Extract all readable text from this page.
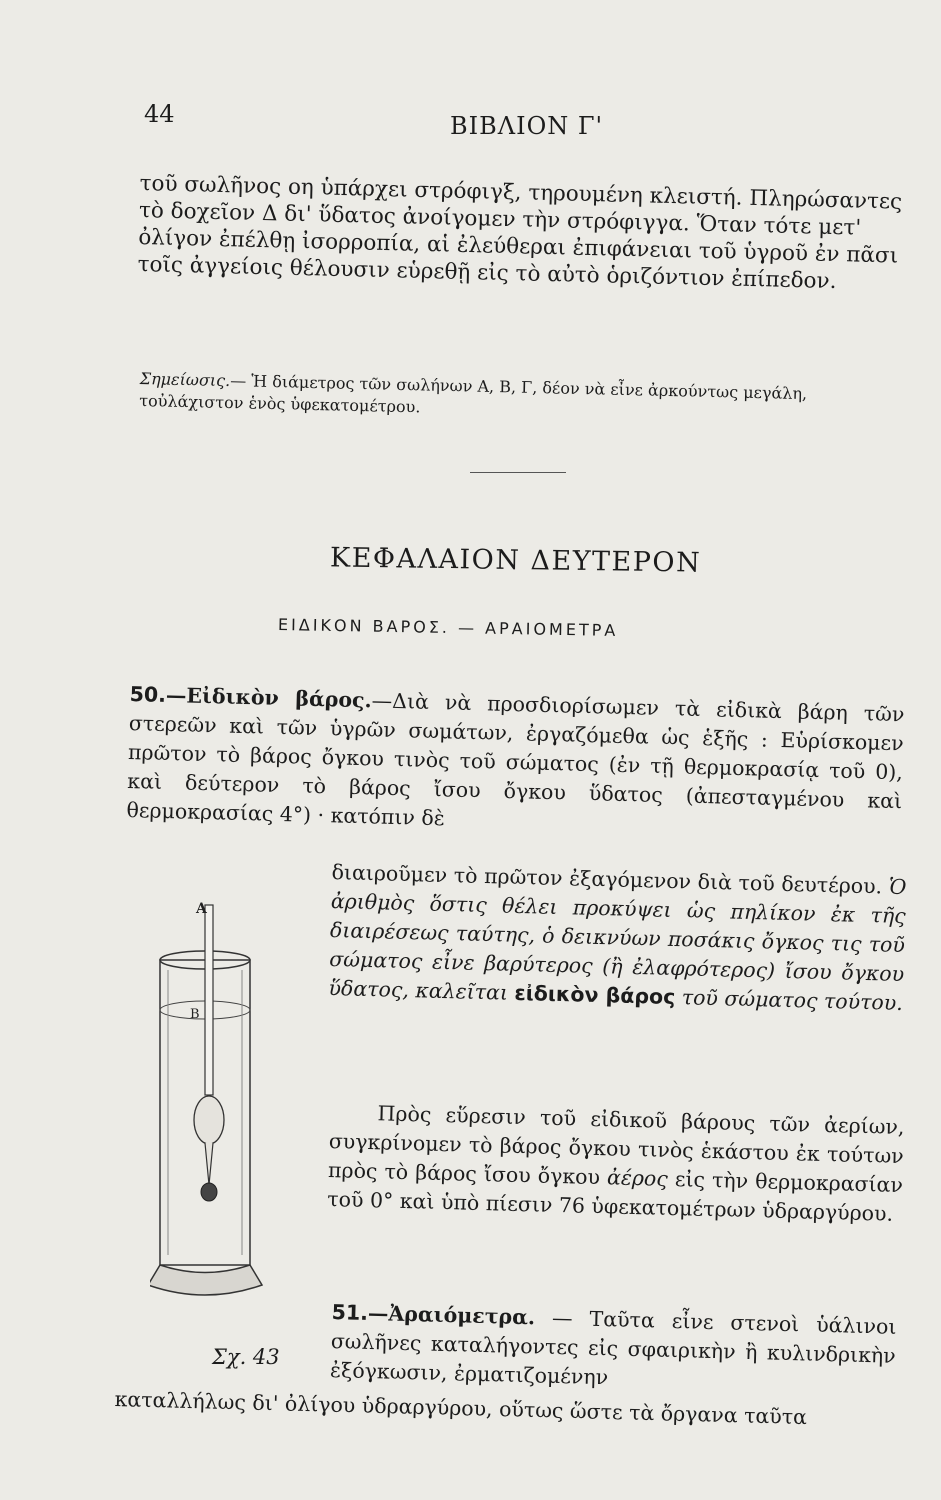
44	ΒΙΒΛΙΟΝ Γ'
τοῦ σωλῆνος οη ὑπάρχει στρόφιγξ, τηρουμένη κλειστή. Πληρώσαντες τὸ δοχεῖον Δ δι' ὕδατος ἀνοίγομεν τὴν στρόφιγγα. Ὅταν τότε μετ' ὀλίγον ἐπέλθῃ ἰσορροπία, αἱ ἐλεύθεραι ἐπιφάνειαι τοῦ ὑγροῦ ἐν πᾶσι τοῖς ἀγγείοις θέλουσιν εὑρεθῇ εἰς τὸ αὐτὸ ὁριζόντιον ἐπίπεδον.
Σημείωσις.— Ἡ διάμετρος τῶν σωλήνων Α, Β, Γ, δέον νὰ εἶνε ἀρκούντως μεγάλη, τοὐλάχιστον ἑνὸς ὑφεκατομέτρου.
ΚΕΦΑΛΑΙΟΝ ΔΕΥΤΕΡΟΝ
ΕΙΔΙΚΟΝ ΒΑΡΟΣ. — ΑΡΑΙΟΜΕΤΡΑ
50.—Εἰδικὸν βάρος.—Διὰ νὰ προσδιορίσωμεν τὰ εἰδικὰ βάρη τῶν στερεῶν καὶ τῶν ὑγρῶν σωμάτων, ἐργαζόμεθα ὡς ἑξῆς : Εὑρίσκομεν πρῶτον τὸ βάρος ὄγκου τινὸς τοῦ σώματος (ἐν τῇ θερμοκρασίᾳ τοῦ 0), καὶ δεύτερον τὸ βάρος ἴσου ὄγκου ὕδατος (ἀπεσταγμένου καὶ θερμοκρασίας 4°) · κατόπιν δὲ
διαιροῦμεν τὸ πρῶτον ἐξαγόμενον διὰ τοῦ δευτέρου. Ὁ ἀριθμὸς ὅστις θέλει προκύψει ὡς πηλίκον ἐκ τῆς διαιρέσεως ταύτης, ὁ δεικνύων ποσάκις ὄγκος τις τοῦ σώματος εἶνε βαρύτερος (ἢ ἐλαφρότερος) ἴσου ὄγκου ὕδατος, καλεῖται εἰδικὸν βάρος τοῦ σώματος τούτου.
Πρὸς εὕρεσιν τοῦ εἰδικοῦ βάρους τῶν ἀερίων, συγκρίνομεν τὸ βάρος ὄγκου τινὸς ἑκάστου ἐκ τούτων πρὸς τὸ βάρος ἴσου ὄγκου ἀέρος εἰς τὴν θερμοκρασίαν τοῦ 0° καὶ ὑπὸ πίεσιν 76 ὑφεκατομέτρων ὑδραργύρου.
51.—Ἀραιόμετρα. — Ταῦτα εἶνε στενοὶ ὑάλινοι σωλῆνες καταλήγοντες εἰς σφαιρικὴν ἢ κυλινδρικὴν ἐξόγκωσιν, ἐρματιζομένην
καταλλήλως δι' ὀλίγου ὑδραργύρου, οὕτως ὥστε τὰ ὄργανα ταῦτα
A
B
Σχ. 43
